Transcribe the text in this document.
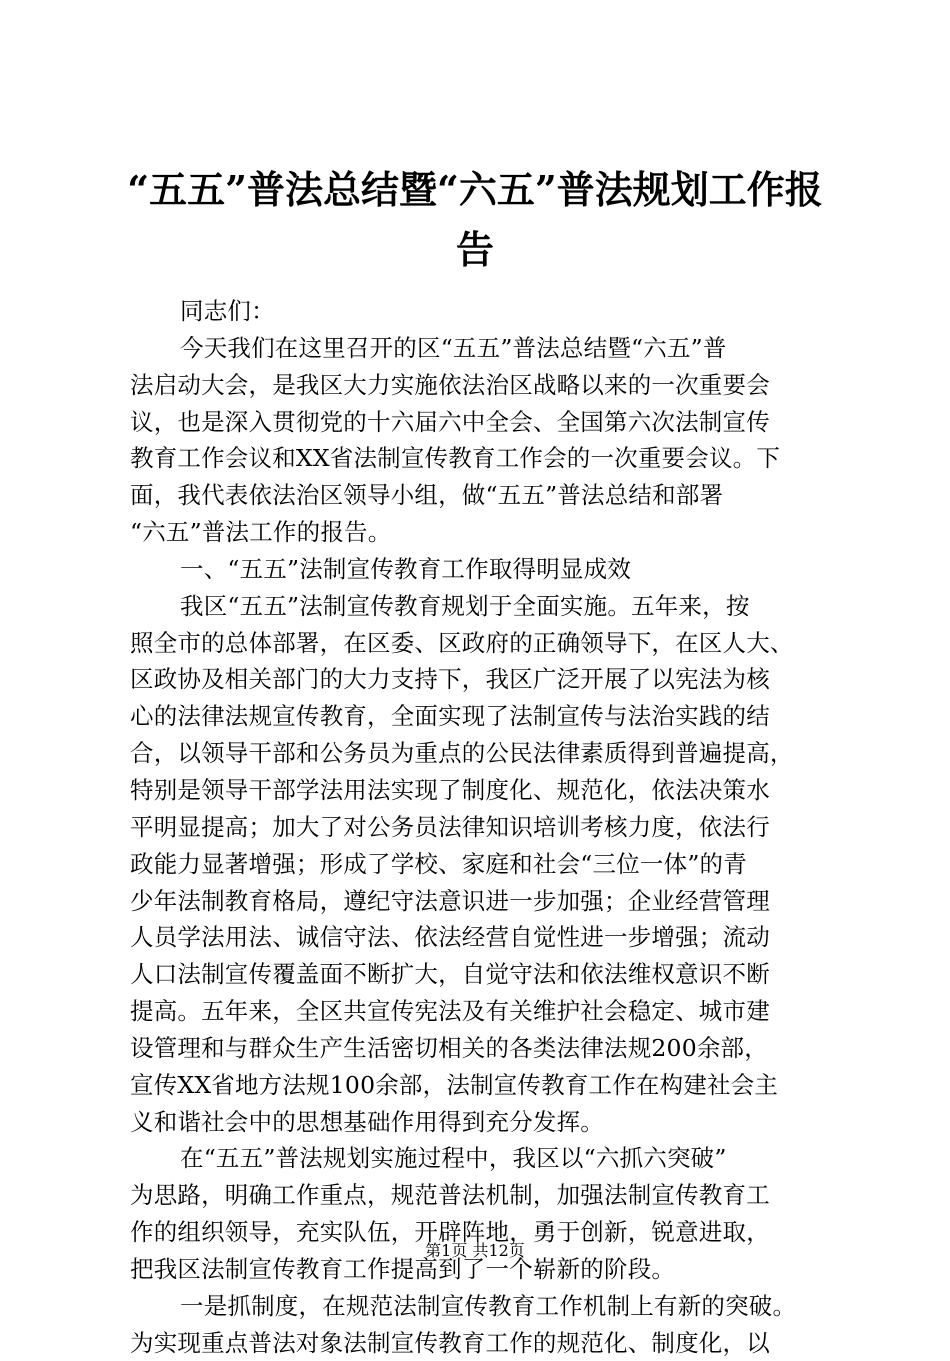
“五五”普法总结暨“六五”普法规划工作报
告
同志们：
今天我们在这里召开的区“五五”普法总结暨“六五”普
法启动大会，是我区大力实施依法治区战略以来的一次重要会
议，也是深入贯彻党的十六届六中全会、全国第六次法制宣传
教育工作会议和XX省法制宣传教育工作会的一次重要会议。下
面，我代表依法治区领导小组，做“五五”普法总结和部署
“六五”普法工作的报告。
一、“五五”法制宣传教育工作取得明显成效
我区“五五”法制宣传教育规划于全面实施。五年来，按
照全市的总体部署，在区委、区政府的正确领导下，在区人大、
区政协及相关部门的大力支持下，我区广泛开展了以宪法为核
心的法律法规宣传教育，全面实现了法制宣传与法治实践的结
合，以领导干部和公务员为重点的公民法律素质得到普遍提高，
特别是领导干部学法用法实现了制度化、规范化，依法决策水
平明显提高；加大了对公务员法律知识培训考核力度，依法行
政能力显著增强；形成了学校、家庭和社会“三位一体”的青
少年法制教育格局，遵纪守法意识进一步加强；企业经营管理
人员学法用法、诚信守法、依法经营自觉性进一步增强；流动
人口法制宣传覆盖面不断扩大，自觉守法和依法维权意识不断
提高。五年来，全区共宣传宪法及有关维护社会稳定、城市建
设管理和与群众生产生活密切相关的各类法律法规200余部，
宣传XX省地方法规100余部，法制宣传教育工作在构建社会主
义和谐社会中的思想基础作用得到充分发挥。
在“五五”普法规划实施过程中，我区以“六抓六突破”
为思路，明确工作重点，规范普法机制，加强法制宣传教育工
作的组织领导，充实队伍，开辟阵地，勇于创新，锐意进取，
把我区法制宣传教育工作提高到了一个崭新的阶段。
一是抓制度，在规范法制宣传教育工作机制上有新的突破。
为实现重点普法对象法制宣传教育工作的规范化、制度化，以
第1页 共12页
